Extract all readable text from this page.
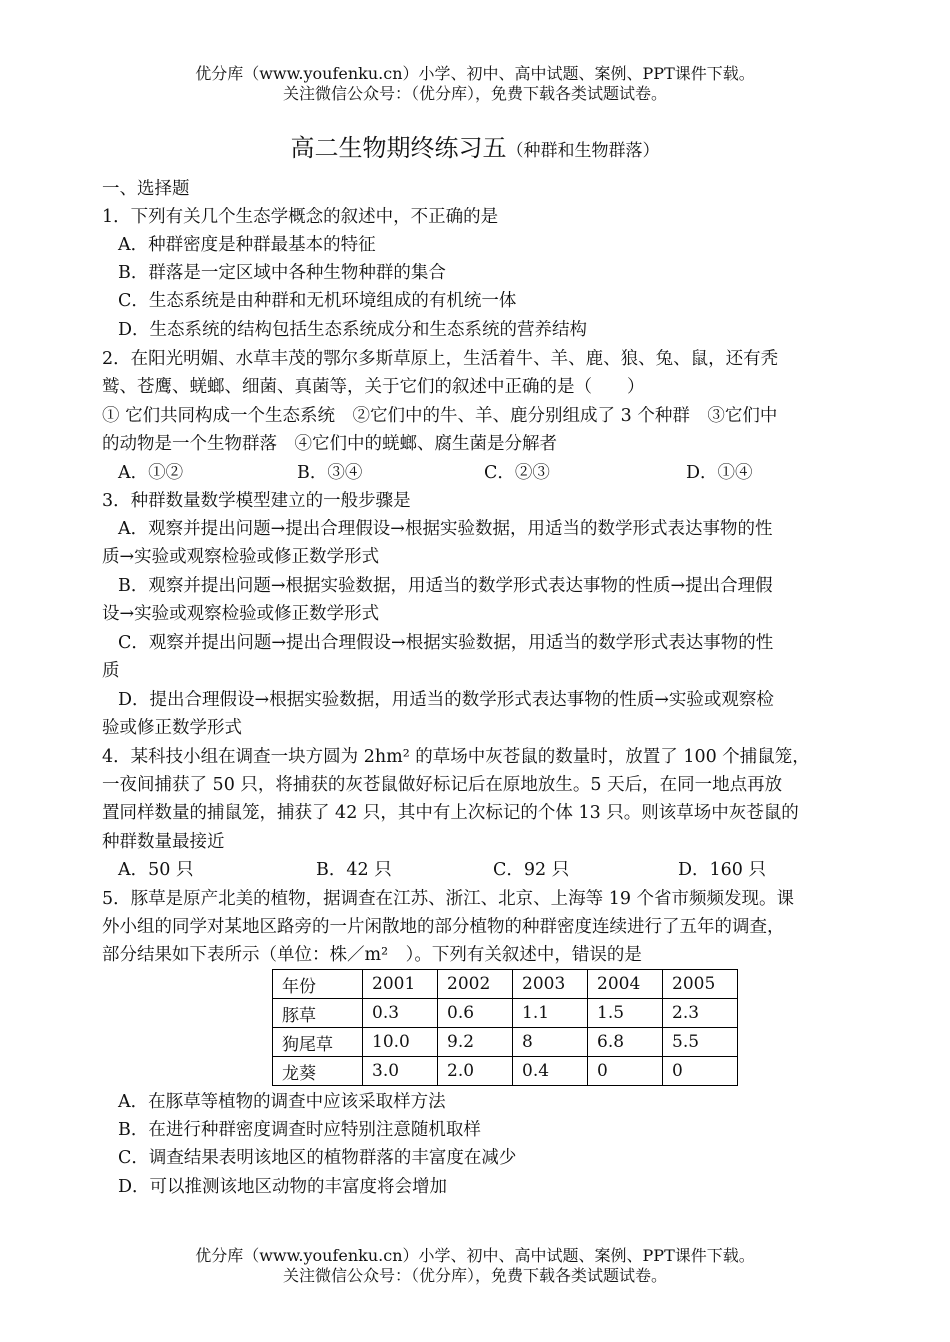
优分库（www.youfenku.cn）小学、初中、高中试题、案例、PPT课件下载。
关注微信公众号：（优分库），免费下载各类试题试卷。
高二生物期终练习五（种群和生物群落）
一、选择题
1．下列有关几个生态学概念的叙述中，不正确的是
A．种群密度是种群最基本的特征
B．群落是一定区域中各种生物种群的集合
C．生态系统是由种群和无机环境组成的有机统一体
D．生态系统的结构包括生态系统成分和生态系统的营养结构
2．在阳光明媚、水草丰茂的鄂尔多斯草原上，生活着牛、羊、鹿、狼、兔、鼠，还有秃
鹫、苍鹰、蜣螂、细菌、真菌等，关于它们的叙述中正确的是（　　）
① 它们共同构成一个生态系统　②它们中的牛、羊、鹿分别组成了 3 个种群　③它们中
的动物是一个生物群落　④它们中的蜣螂、腐生菌是分解者
A．①②	B．③④	C．②③	D．①④
3．种群数量数学模型建立的一般步骤是
A．观察并提出问题→提出合理假设→根据实验数据，用适当的数学形式表达事物的性
质→实验或观察检验或修正数学形式
B．观察并提出问题→根据实验数据，用适当的数学形式表达事物的性质→提出合理假
设→实验或观察检验或修正数学形式
C．观察并提出问题→提出合理假设→根据实验数据，用适当的数学形式表达事物的性
质
D．提出合理假设→根据实验数据，用适当的数学形式表达事物的性质→实验或观察检
验或修正数学形式
4．某科技小组在调查一块方圆为 2hm² 的草场中灰苍鼠的数量时，放置了 100 个捕鼠笼，
一夜间捕获了 50 只，将捕获的灰苍鼠做好标记后在原地放生。5 天后，在同一地点再放
置同样数量的捕鼠笼，捕获了 42 只，其中有上次标记的个体 13 只。则该草场中灰苍鼠的
种群数量最接近
A．50 只	B．42 只	C．92 只	D．160 只
5．豚草是原产北美的植物，据调查在江苏、浙江、北京、上海等 19 个省市频频发现。课
外小组的同学对某地区路旁的一片闲散地的部分植物的种群密度连续进行了五年的调查，
部分结果如下表所示（单位：株／m²　）。下列有关叙述中，错误的是
年份	2001	2002	2003	2004	2005
豚草	0.3	0.6	1.1	1.5	2.3
狗尾草	10.0	9.2	8	6.8	5.5
龙葵	3.0	2.0	0.4	0	0
A．在豚草等植物的调查中应该采取样方法
B．在进行种群密度调查时应特别注意随机取样
C．调查结果表明该地区的植物群落的丰富度在减少
D．可以推测该地区动物的丰富度将会增加
优分库（www.youfenku.cn）小学、初中、高中试题、案例、PPT课件下载。
关注微信公众号：（优分库），免费下载各类试题试卷。
